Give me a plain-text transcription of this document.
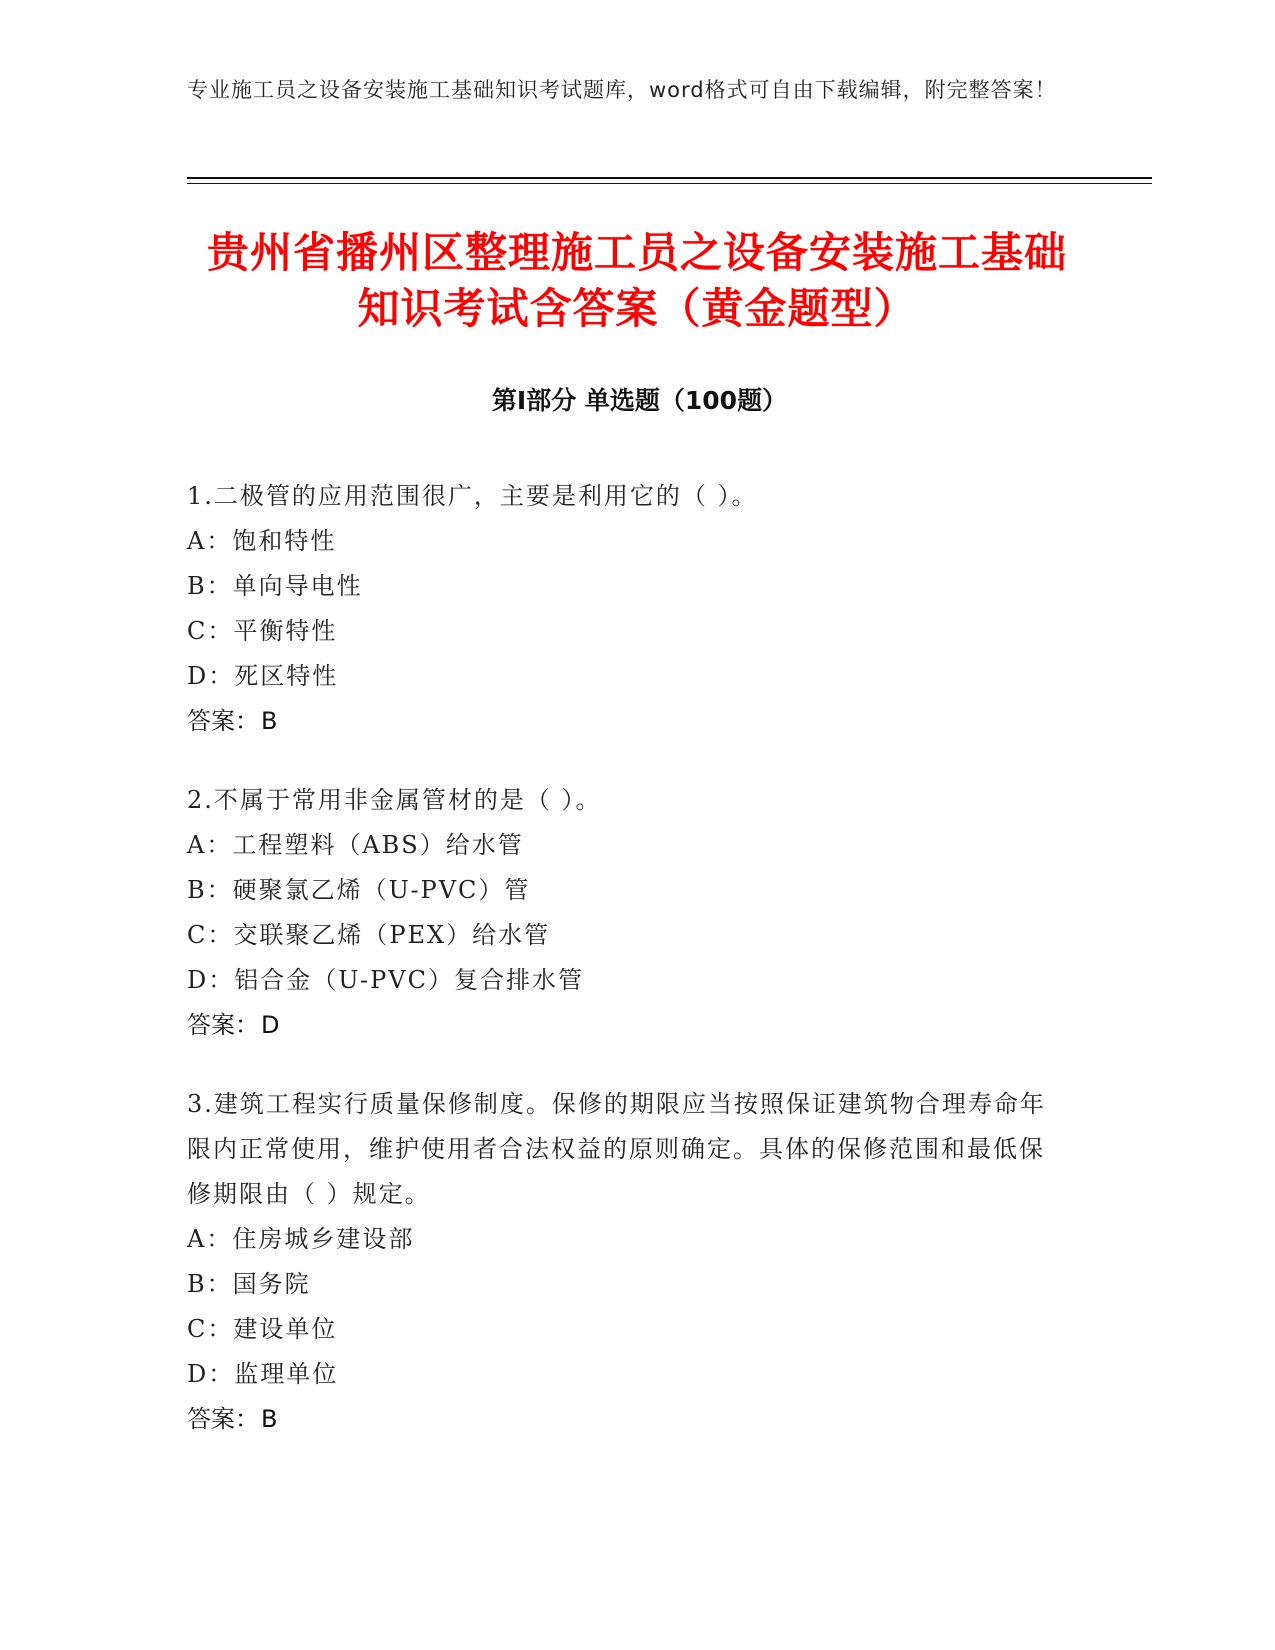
专业施工员之设备安装施工基础知识考试题库，word格式可自由下载编辑，附完整答案！
贵州省播州区整理施工员之设备安装施工基础知识考试含答案（黄金题型）
第Ⅰ部分 单选题（100题）
1.二极管的应用范围很广，主要是利用它的（ ）。
A：饱和特性
B：单向导电性
C：平衡特性
D：死区特性
答案：B
2.不属于常用非金属管材的是（ ）。
A：工程塑料（ABS）给水管
B：硬聚氯乙烯（U-PVC）管
C：交联聚乙烯（PEX）给水管
D：铝合金（U-PVC）复合排水管
答案：D
3.建筑工程实行质量保修制度。保修的期限应当按照保证建筑物合理寿命年限内正常使用，维护使用者合法权益的原则确定。具体的保修范围和最低保修期限由（ ）规定。
A：住房城乡建设部
B：国务院
C：建设单位
D：监理单位
答案：B
